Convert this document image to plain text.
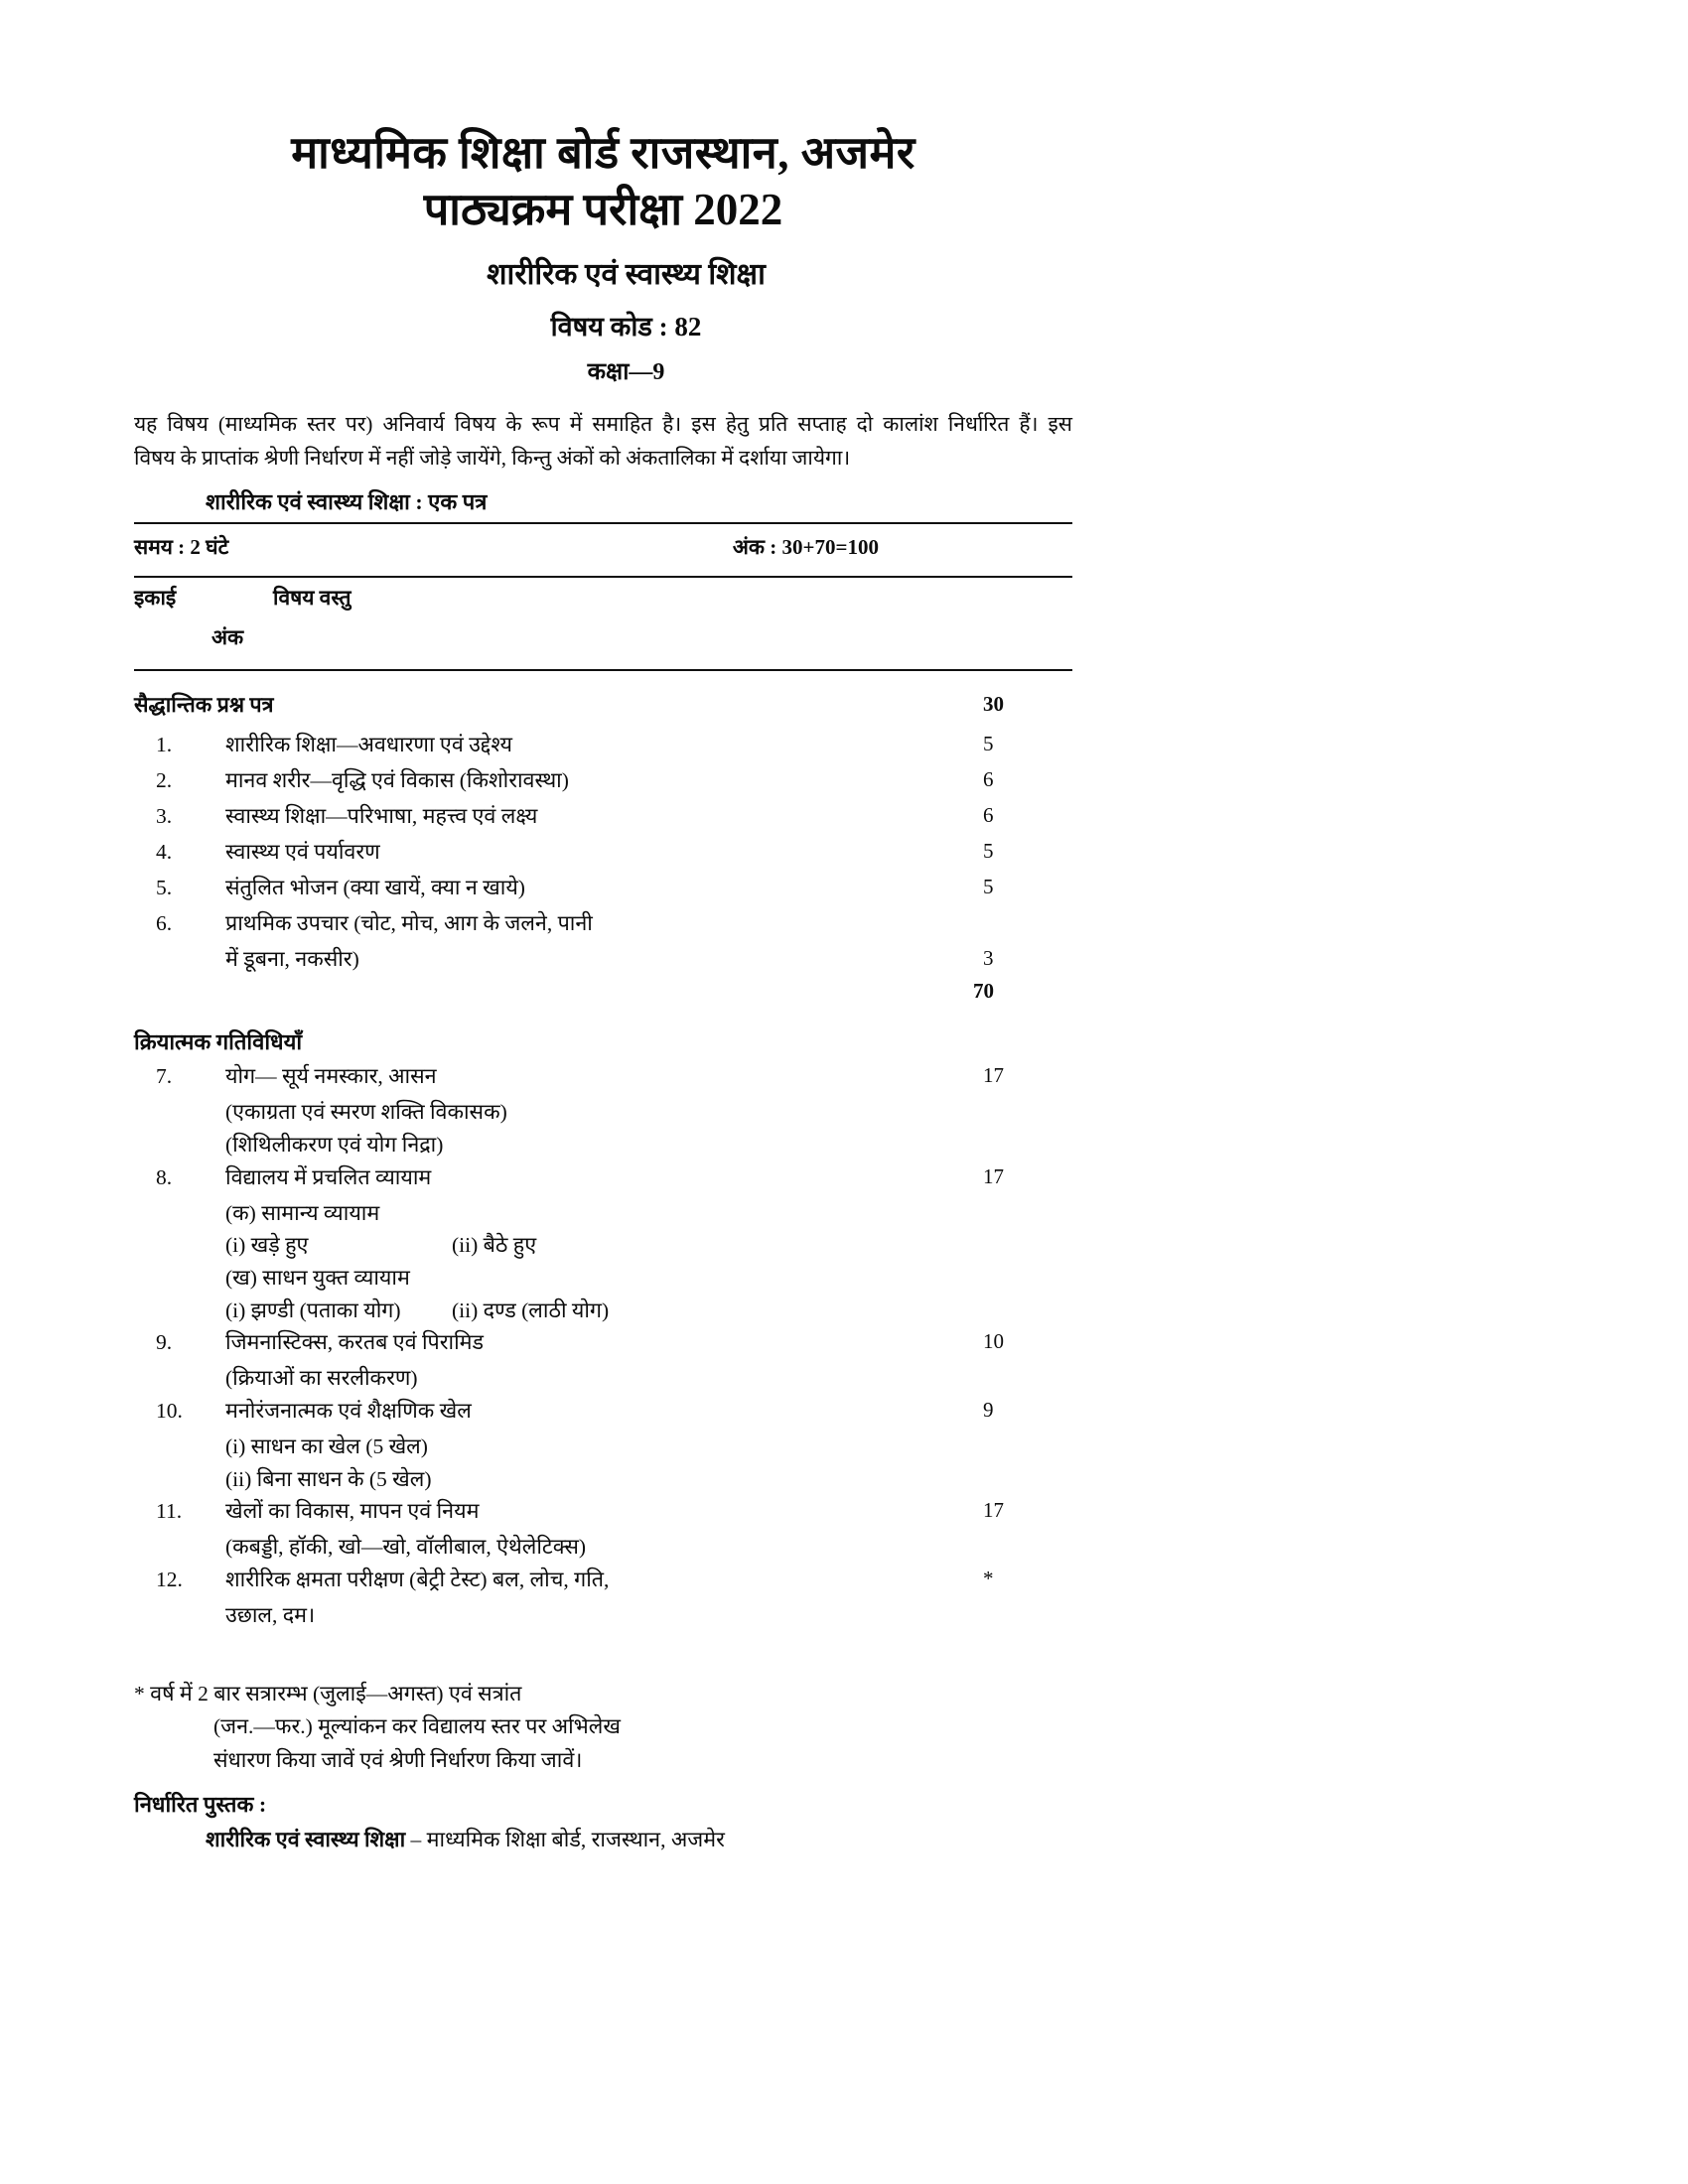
माध्यमिक शिक्षा बोर्ड राजस्थान, अजमेर
पाठ्यक्रम परीक्षा 2022
शारीरिक एवं स्वास्थ्य शिक्षा
विषय कोड : 82
कक्षा—9
यह विषय (माध्यमिक स्तर पर) अनिवार्य विषय के रूप में समाहित है। इस हेतु प्रति सप्ताह दो कालांश निर्धारित हैं। इस
विषय के प्राप्तांक श्रेणी निर्धारण में नहीं जोड़े जायेंगे, किन्तु अंकों को अंकतालिका में दर्शाया जायेगा।
शारीरिक एवं स्वास्थ्य शिक्षा : एक पत्र
समय : 2 घंटे	अंक : 30+70=100
इकाई	विषय वस्तु
अंक
सैद्धान्तिक प्रश्न पत्र	30
1.	शारीरिक शिक्षा—अवधारणा एवं उद्देश्य	5
2.	मानव शरीर—वृद्धि एवं विकास (किशोरावस्था)	6
3.	स्वास्थ्य शिक्षा—परिभाषा, महत्त्व एवं लक्ष्य	6
4.	स्वास्थ्य एवं पर्यावरण	5
5.	संतुलित भोजन (क्या खायें, क्या न खाये)	5
6.	प्राथमिक उपचार (चोट, मोच, आग के जलने, पानी
में डूबना, नकसीर)	3
70
क्रियात्मक गतिविधियाँ
7.	योग— सूर्य नमस्कार, आसन	17
(एकाग्रता एवं स्मरण शक्ति विकासक)
(शिथिलीकरण एवं योग निद्रा)
8.	विद्यालय में प्रचलित व्यायाम	17
(क) सामान्य व्यायाम
(i) खड़े हुए	(ii) बैठे हुए
(ख) साधन युक्त व्यायाम
(i) झण्डी (पताका योग) (ii) दण्ड (लाठी योग)
9.	जिमनास्टिक्स, करतब एवं पिरामिड	10
(क्रियाओं का सरलीकरण)
10.	मनोरंजनात्मक एवं शैक्षणिक खेल	9
(i) साधन का खेल (5 खेल)
(ii) बिना साधन के (5 खेल)
11.	खेलों का विकास, मापन एवं नियम	17
(कबड्डी, हॉकी, खो—खो, वॉलीबाल, ऐथेलेटिक्स)
12.	शारीरिक क्षमता परीक्षण (बेट्री टेस्ट) बल, लोच, गति,	*
उछाल, दम।
* वर्ष में 2 बार सत्रारम्भ (जुलाई—अगस्त) एवं सत्रांत
(जन.—फर.) मूल्यांकन कर विद्यालय स्तर पर अभिलेख
संधारण किया जावें एवं श्रेणी निर्धारण किया जावें।
निर्धारित पुस्तक :
शारीरिक एवं स्वास्थ्य शिक्षा – माध्यमिक शिक्षा बोर्ड, राजस्थान, अजमेर
